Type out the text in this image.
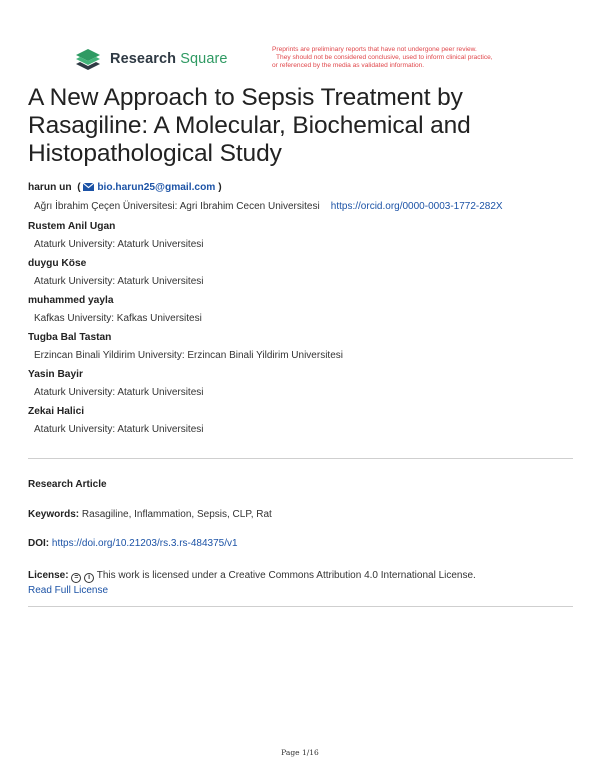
Research Square
Preprints are preliminary reports that have not undergone peer review.
They should not be considered conclusive, used to inform clinical practice,
or referenced by the media as validated information.
A New Approach to Sepsis Treatment by Rasagiline: A Molecular, Biochemical and Histopathological Study
harun un  (  bio.harun25@gmail.com )
Ağrı İbrahim Çeçen Üniversitesi: Agri Ibrahim Cecen Universitesi https://orcid.org/0000-0003-1772-282X
Rustem Anil Ugan
Ataturk University: Ataturk Universitesi
duygu Köse
Ataturk University: Ataturk Universitesi
muhammed yayla
Kafkas University: Kafkas Universitesi
Tugba Bal Tastan
Erzincan Binali Yildirim University: Erzincan Binali Yildirim Universitesi
Yasin Bayir
Ataturk University: Ataturk Universitesi
Zekai Halici
Ataturk University: Ataturk Universitesi
Research Article
Keywords: Rasagiline, Inflammation, Sepsis, CLP, Rat
DOI: https://doi.org/10.21203/rs.3.rs-484375/v1
License: = i This work is licensed under a Creative Commons Attribution 4.0 International License.
Read Full License
Page 1/16
